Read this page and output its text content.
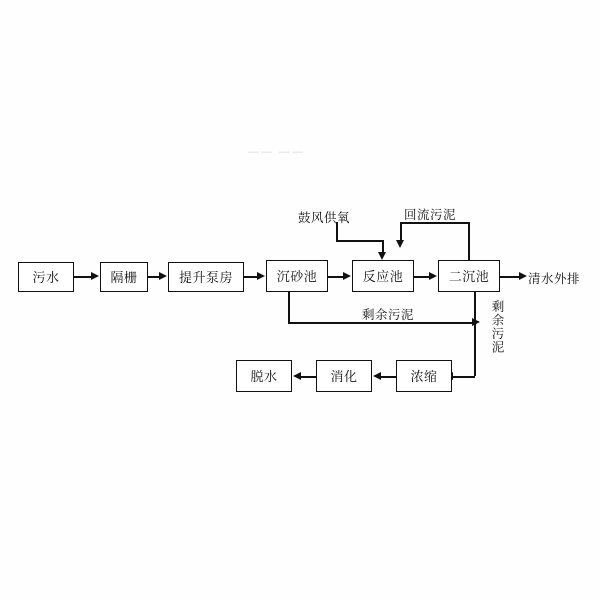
—— ——
污水	隔栅	提升泵房	沉砂池	反应池	二沉池
脱水	消化	浓缩
鼓风供氧	回流污泥
清水外排
剩余污泥	剩余污泥
